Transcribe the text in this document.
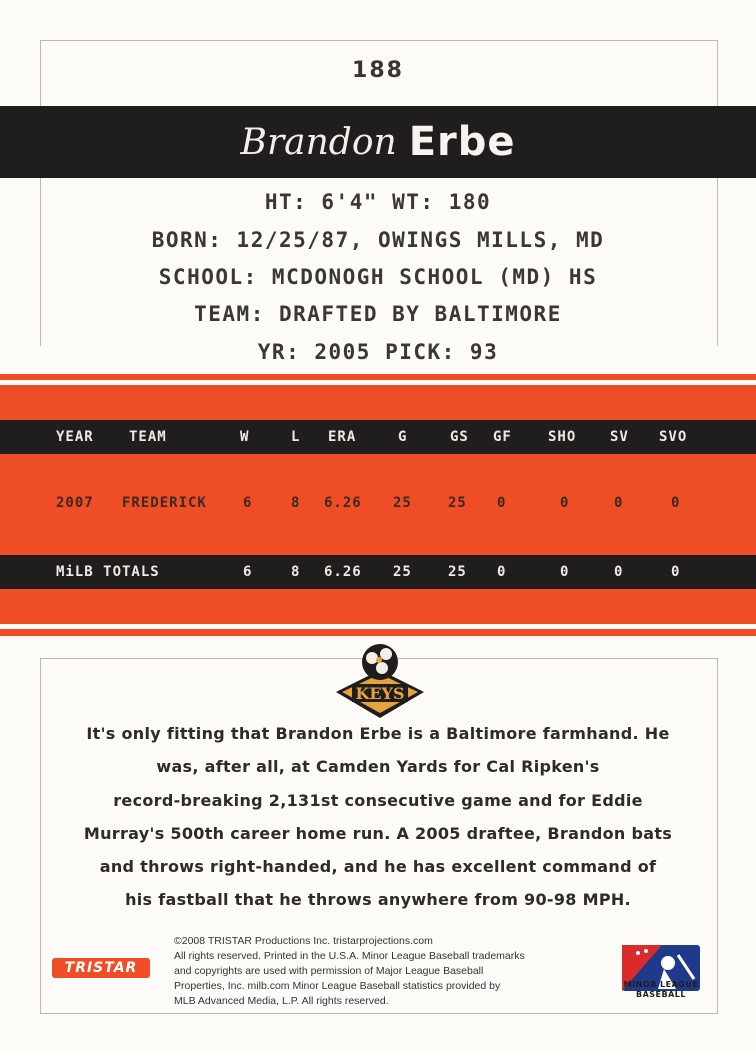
188
Brandon Erbe
HT: 6'4" WT: 180
BORN: 12/25/87, OWINGS MILLS, MD
SCHOOL: MCDONOGH SCHOOL (MD) HS
TEAM: DRAFTED BY BALTIMORE
YR: 2005 PICK: 93
YEAR	TEAM	W	L ERA	G	GS GF	SHO SV SVO
2007 FREDERICK	6	8 6.26 25	25 0	0	0	0
MiLB TOTALS	6	8 6.26 25	25 0	0	0	0
KEYS
It's only fitting that Brandon Erbe is a Baltimore farmhand. He
was, after all, at Camden Yards for Cal Ripken's
record-breaking 2,131st consecutive game and for Eddie
Murray's 500th career home run. A 2005 draftee, Brandon bats
and throws right-handed, and he has excellent command of
his fastball that he throws anywhere from 90-98 MPH.
TRISTAR
©2008 TRISTAR Productions Inc. tristarprojections.com
All rights reserved. Printed in the U.S.A. Minor League Baseball trademarks
and copyrights are used with permission of Major League Baseball
Properties, Inc. milb.com Minor League Baseball statistics provided by
MLB Advanced Media, L.P. All rights reserved.
MINOR LEAGUE
BASEBALL
